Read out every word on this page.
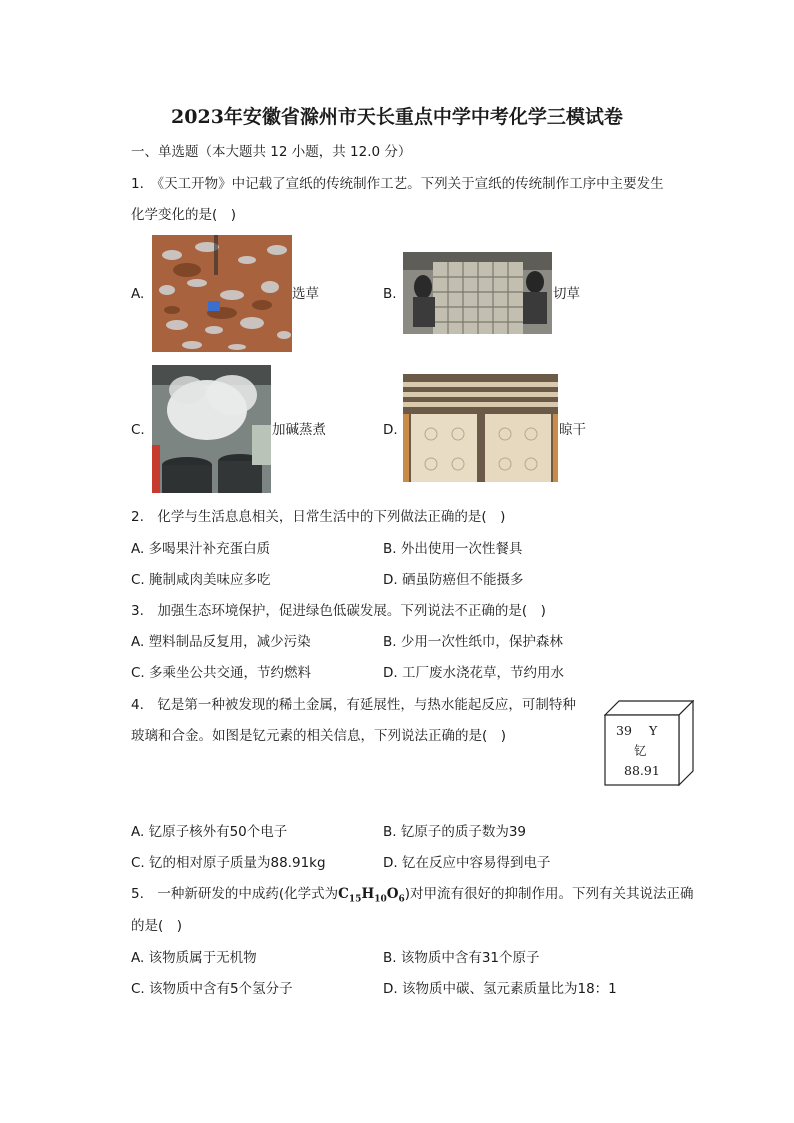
2023年安徽省滁州市天长重点中学中考化学三模试卷
一、单选题（本大题共 12 小题，共 12.0 分）
1.　《天工开物》中记载了宣纸的传统制作工艺。下列关于宣纸的传统制作工序中主要发生
化学变化的是(　)
A.	选草	B.	切草
C.	加碱蒸煮	D.	晾干
2.　化学与生活息息相关，日常生活中的下列做法正确的是(　)
A. 多喝果汁补充蛋白质	B. 外出使用一次性餐具
C. 腌制咸肉美味应多吃	D. 硒虽防癌但不能摄多
3.　加强生态环境保护，促进绿色低碳发展。下列说法不正确的是(　)
A. 塑料制品反复用，减少污染	B. 少用一次性纸巾，保护森林
C. 多乘坐公共交通，节约燃料	D. 工厂废水浇花草，节约用水
4.　钇是第一种被发现的稀土金属，有延展性，与热水能起反应，可制特种
玻璃和合金。如图是钇元素的相关信息，下列说法正确的是(　)	39 Y
钇
88.91
A. 钇原子核外有50个电子	B. 钇原子的质子数为39
C. 钇的相对原子质量为88.91kg	D. 钇在反应中容易得到电子
5.　一种新研发的中成药(化学式为$C_{15}H_{10}O_6$)对甲流有很好的抑制作用。下列有关其说法正确
的是(　)
A. 该物质属于无机物	B. 该物质中含有31个原子
C. 该物质中含有5个氢分子	D. 该物质中碳、氢元素质量比为18：1
